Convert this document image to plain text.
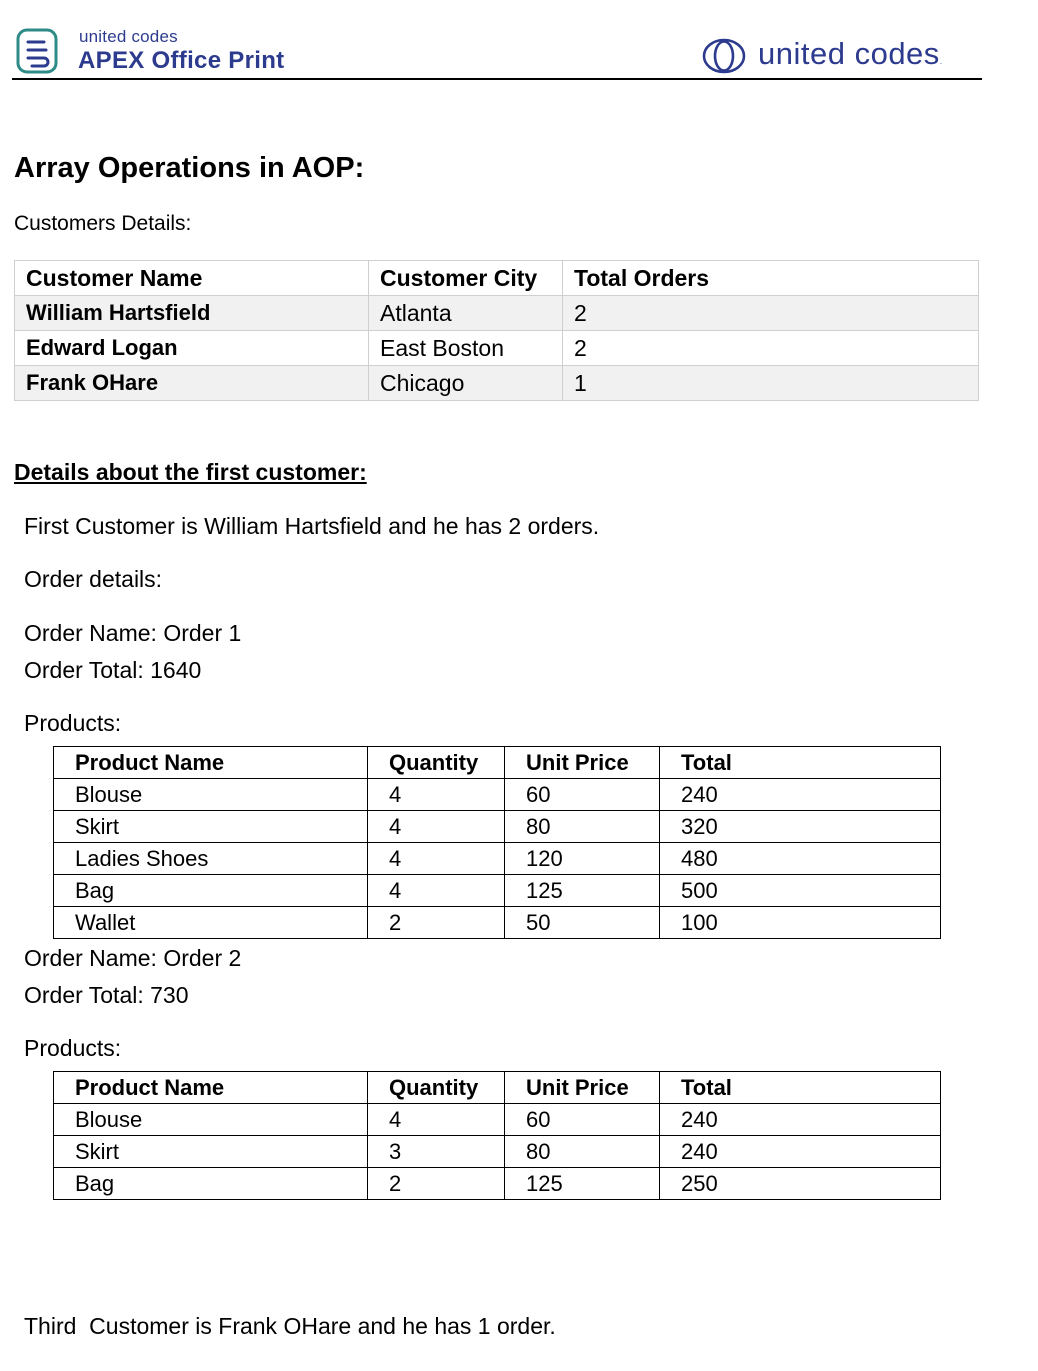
united codes
APEX Office Print	united codes.
Array Operations in AOP:
Customers Details:
Customer Name	Customer City	Total Orders
William Hartsfield	Atlanta	2
Edward Logan	East Boston	2
Frank OHare	Chicago	1
Details about the first customer:
First Customer is William Hartsfield and he has 2 orders.
Order details:
Order Name: Order 1
Order Total: 1640
Products:
Product Name	Quantity	Unit Price	Total
Blouse	4	60	240
Skirt	4	80	320
Ladies Shoes	4	120	480
Bag	4	125	500
Wallet	2	50	100
Order Name: Order 2
Order Total: 730
Products:
Product Name	Quantity	Unit Price	Total
Blouse	4	60	240
Skirt	3	80	240
Bag	2	125	250
Third  Customer is Frank OHare and he has 1 order.
